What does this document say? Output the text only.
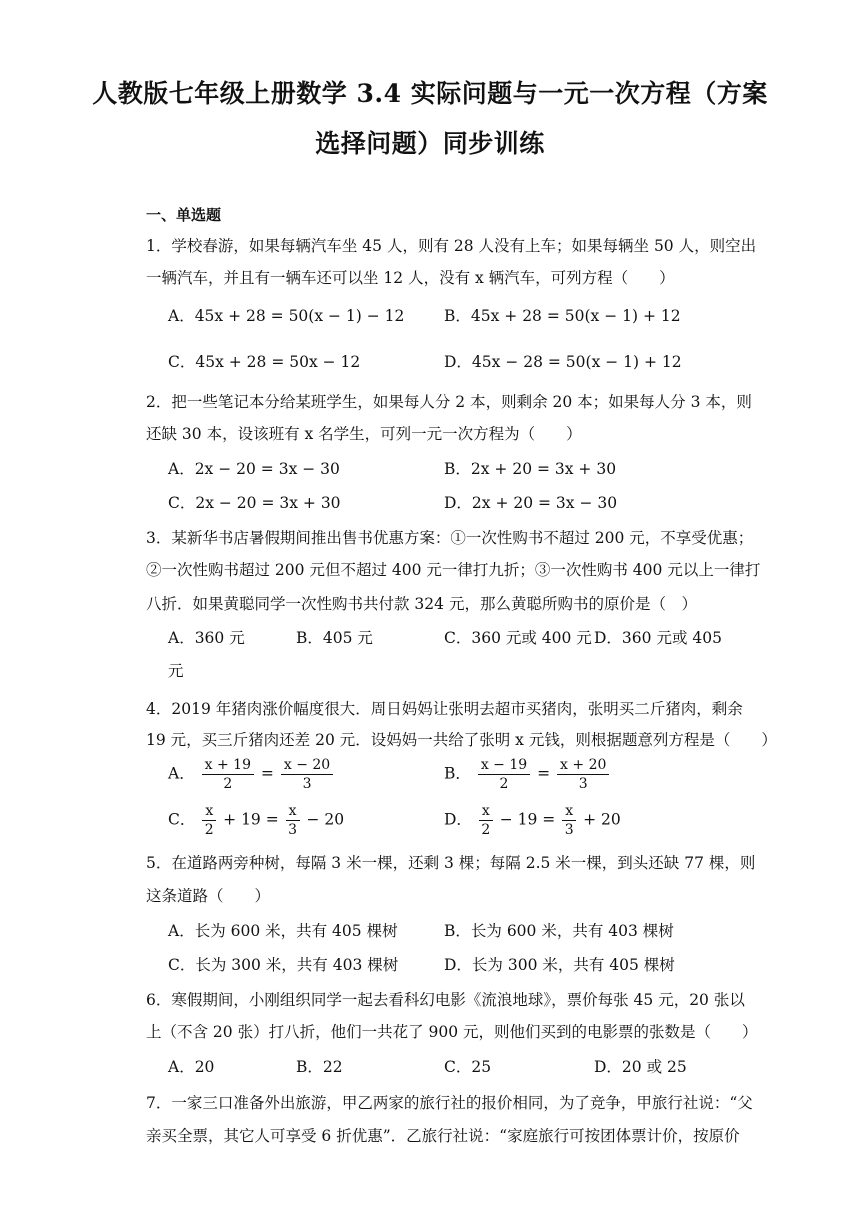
人教版七年级上册数学 3.4 实际问题与一元一次方程（方案
选择问题）同步训练
一、单选题
1．学校春游，如果每辆汽车坐 45 人，则有 28 人没有上车；如果每辆坐 50 人，则空出
一辆汽车，并且有一辆车还可以坐 12 人，没有 x 辆汽车，可列方程（　　）
A．45x + 28 = 50(x − 1) − 12	B．45x + 28 = 50(x − 1) + 12
C．45x + 28 = 50x − 12	D．45x − 28 = 50(x − 1) + 12
2．把一些笔记本分给某班学生，如果每人分 2 本，则剩余 20 本；如果每人分 3 本，则
还缺 30 本，设该班有 x 名学生，可列一元一次方程为（　　）
A．2x − 20 = 3x − 30	B．2x + 20 = 3x + 30
C．2x − 20 = 3x + 30	D．2x + 20 = 3x − 30
3．某新华书店暑假期间推出售书优惠方案：①一次性购书不超过 200 元，不享受优惠；
②一次性购书超过 200 元但不超过 400 元一律打九折；③一次性购书 400 元以上一律打
八折．如果黄聪同学一次性购书共付款 324 元，那么黄聪所购书的原价是（　）
A．360 元	B．405 元	C．360 元或 400 元 D．360 元或 405
元
4．2019 年猪肉涨价幅度很大．周日妈妈让张明去超市买猪肉，张明买二斤猪肉，剩余
19 元，买三斤猪肉还差 20 元．设妈妈一共给了张明 x 元钱，则根据题意列方程是（　　）
A． $\frac{x + 19}{2} = \frac{x - 20}{3}$	B． $\frac{x - 19}{2} = \frac{x + 20}{3}$
C． $\frac{x}{2} + 19 = \frac{x}{3} - 20$	D． $\frac{x}{2} - 19 = \frac{x}{3} + 20$
5．在道路两旁种树，每隔 3 米一棵，还剩 3 棵；每隔 2.5 米一棵，到头还缺 77 棵，则
这条道路（　　）
A．长为 600 米，共有 405 棵树	B．长为 600 米，共有 403 棵树
C．长为 300 米，共有 403 棵树	D．长为 300 米，共有 405 棵树
6．寒假期间，小刚组织同学一起去看科幻电影《流浪地球》，票价每张 45 元，20 张以
上（不含 20 张）打八折，他们一共花了 900 元，则他们买到的电影票的张数是（　　）
A．20	B．22	C．25	D．20 或 25
7．一家三口准备外出旅游，甲乙两家的旅行社的报价相同，为了竞争，甲旅行社说：“父
亲买全票，其它人可享受 6 折优惠”．乙旅行社说：“家庭旅行可按团体票计价，按原价
